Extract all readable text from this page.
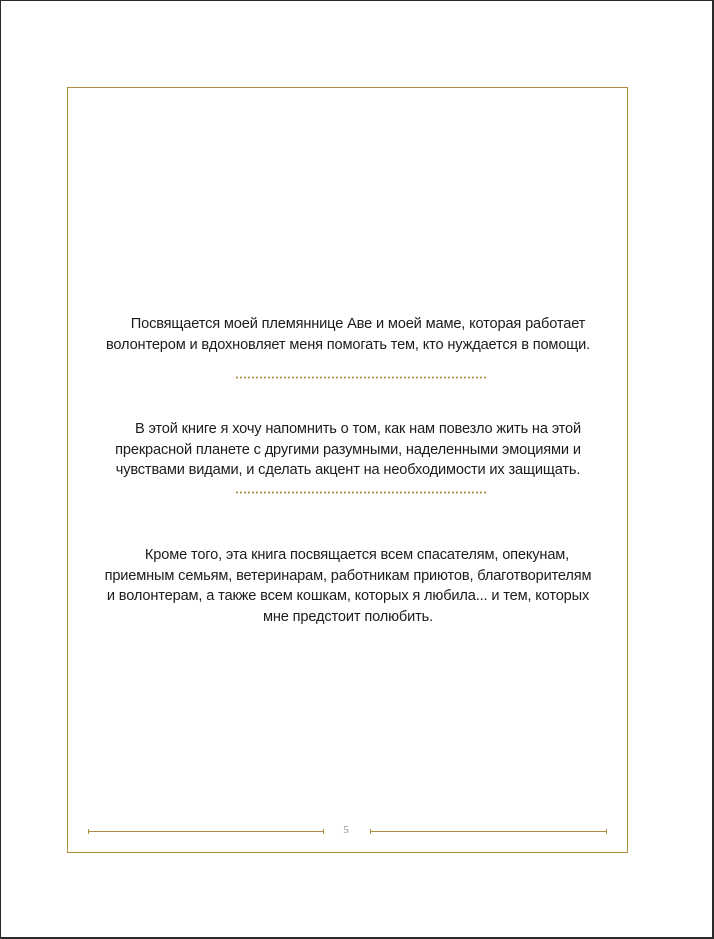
Посвящается моей племяннице Аве и моей маме, которая работает
волонтером и вдохновляет меня помогать тем, кто нуждается в помощи.

В этой книге я хочу напомнить о том, как нам повезло жить на этой
прекрасной планете с другими разумными, наделенными эмоциями и
чувствами видами, и сделать акцент на необходимости их защищать.

Кроме того, эта книга посвящается всем спасателям, опекунам,
приемным семьям, ветеринарам, работникам приютов, благотворителям
и волонтерам, а также всем кошкам, которых я любила... и тем, которых
мне предстоит полюбить.

5
